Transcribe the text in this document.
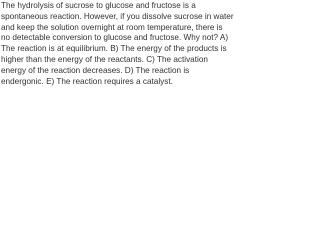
The hydrolysis of sucrose to glucose and fructose is a spontaneous reaction. However, if you dissolve sucrose in water and keep the solution overnight at room temperature, there is no detectable conversion to glucose and fructose. Why not? A) The reaction is at equilibrium. B) The energy of the products is higher than the energy of the reactants. C) The activation energy of the reaction decreases. D) The reaction is endergonic. E) The reaction requires a catalyst.
